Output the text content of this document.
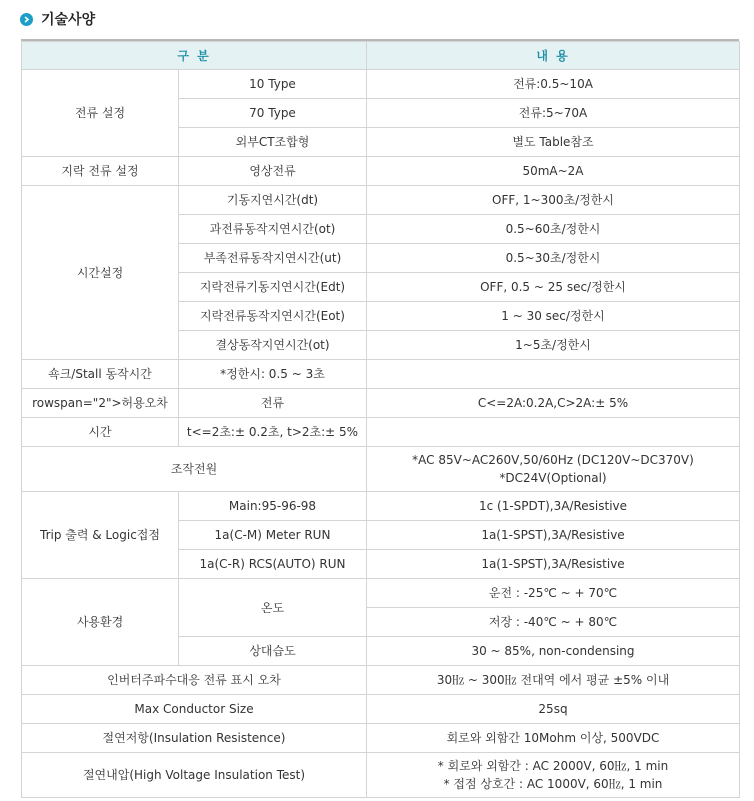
기술사양
구 분		내 용
전류 설정	10 Type	전류:0.5~10A
	70 Type	전류:5~70A
	외부CT조합형	별도 Table참조
지락 전류 설정	영상전류	50mA~2A
시간설정	기동지연시간(dt)	OFF, 1~300초/정한시
	과전류동작지연시간(ot)	0.5~60초/정한시
	부족전류동작지연시간(ut)	0.5~30초/정한시
	지락전류기동지연시간(Edt)	OFF, 0.5 ~ 25 sec/정한시
	지락전류동작지연시간(Eot)	1 ~ 30 sec/정한시
	결상동작지연시간(ot)	1~5초/정한시
쇽크/Stall 동작시간	*정한시: 0.5 ~ 3초	
rowspan="2">허용오차	전류	C<=2A:0.2A,C>2A:± 5%
시간	t<=2초:± 0.2초, t>2초:± 5%	
조작전원		*AC 85V~AC260V,50/60Hz (DC120V~DC370V)
*DC24V(Optional)

Trip 출력 & Logic접점	Main:95-96-98	1c (1-SPDT),3A/Resistive
	1a(C-M) Meter RUN	1a(1-SPST),3A/Resistive
	1a(C-R) RCS(AUTO) RUN	1a(1-SPST),3A/Resistive
사용환경	온도	운전 : -25℃ ~ + 70℃
		저장 : -40℃ ~ + 80℃
	상대습도	30 ~ 85%, non-condensing
인버터주파수대응 전류 표시 오차		30㎐ ~ 300㎐ 전대역 에서 평균 ±5% 이내
Max Conductor Size		25sq
절연저항(Insulation Resistence)		회로와 외함간 10Mohm 이상, 500VDC
절연내압(High Voltage Insulation Test)		* 회로와 외함간 : AC 2000V, 60㎐, 1 min
* 접점 상호간 : AC 1000V, 60㎐, 1 min
